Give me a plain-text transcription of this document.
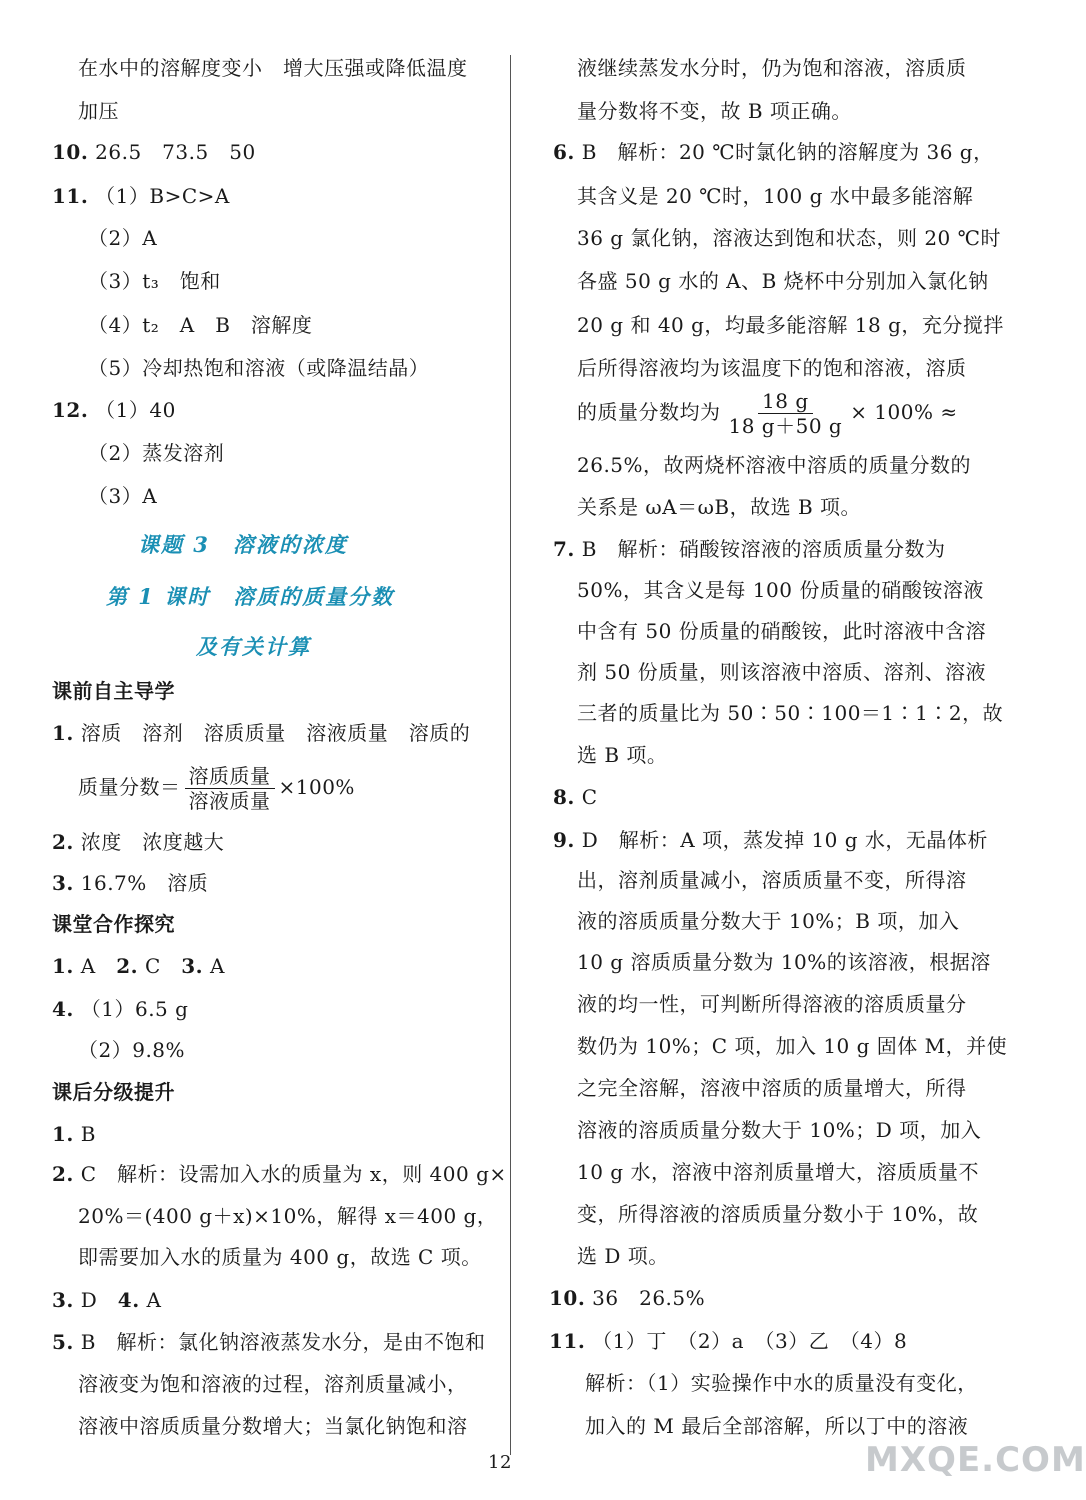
在水中的溶解度变小　增大压强或降低温度
加压
10. 26.5　73.5　50
11. （1）B>C>A
（2）A
（3）t₃　饱和
（4）t₂　A　B　溶解度
（5）冷却热饱和溶液（或降温结晶）
12. （1）40
（2）蒸发溶剂
（3）A
课题 3　溶液的浓度
第 1 课时　溶质的质量分数
及有关计算
课前自主导学
1. 溶质　溶剂　溶质质量　溶液质量　溶质的
质量分数＝ $\frac{\text{溶质质量}}{\text{溶液质量}} \times 100\%$
2. 浓度　浓度越大
3. 16.7%　溶质
课堂合作探究
1. A　2. C　3. A
4. （1）6.5 g
（2）9.8%
课后分级提升
1. B
2. C　解析：设需加入水的质量为 x，则 400 g×
20%＝(400 g＋x)×10%，解得 x＝400 g，
即需要加入水的质量为 400 g，故选 C 项。
3. D　4. A
5. B　解析：氯化钠溶液蒸发水分，是由不饱和
溶液变为饱和溶液的过程，溶剂质量减小，
溶液中溶质质量分数增大；当氯化钠饱和溶
液继续蒸发水分时，仍为饱和溶液，溶质质
量分数将不变，故 B 项正确。
6. B　解析：20 ℃时氯化钠的溶解度为 36 g，
其含义是 20 ℃时，100 g 水中最多能溶解
36 g 氯化钠，溶液达到饱和状态，则 20 ℃时
各盛 50 g 水的 A、B 烧杯中分别加入氯化钠
20 g 和 40 g，均最多能溶解 18 g，充分搅拌
后所得溶液均为该温度下的饱和溶液，溶质
的质量分数均为 $\frac{18 g}{18 g+50 g} \times 100\%$ ≈
26.5%，故两烧杯溶液中溶质的质量分数的
关系是 ωA＝ωB，故选 B 项。
7. B　解析：硝酸铵溶液的溶质质量分数为
50%，其含义是每 100 份质量的硝酸铵溶液
中含有 50 份质量的硝酸铵，此时溶液中含溶
剂 50 份质量，则该溶液中溶质、溶剂、溶液
三者的质量比为 50∶50∶100＝1∶1∶2，故
选 B 项。
8. C
9. D　解析：A 项，蒸发掉 10 g 水，无晶体析
出，溶剂质量减小，溶质质量不变，所得溶
液的溶质质量分数大于 10%；B 项，加入
10 g 溶质质量分数为 10%的该溶液，根据溶
液的均一性，可判断所得溶液的溶质质量分
数仍为 10%；C 项，加入 10 g 固体 M，并使
之完全溶解，溶液中溶质的质量增大，所得
溶液的溶质质量分数大于 10%；D 项，加入
10 g 水，溶液中溶剂质量增大，溶质质量不
变，所得溶液的溶质质量分数小于 10%，故
选 D 项。
10. 36　26.5%
11. （1）丁　（2）a　（3）乙　（4）8
解析：（1）实验操作中水的质量没有变化，
加入的 M 最后全部溶解，所以丁中的溶液
12	MXQE.COM
